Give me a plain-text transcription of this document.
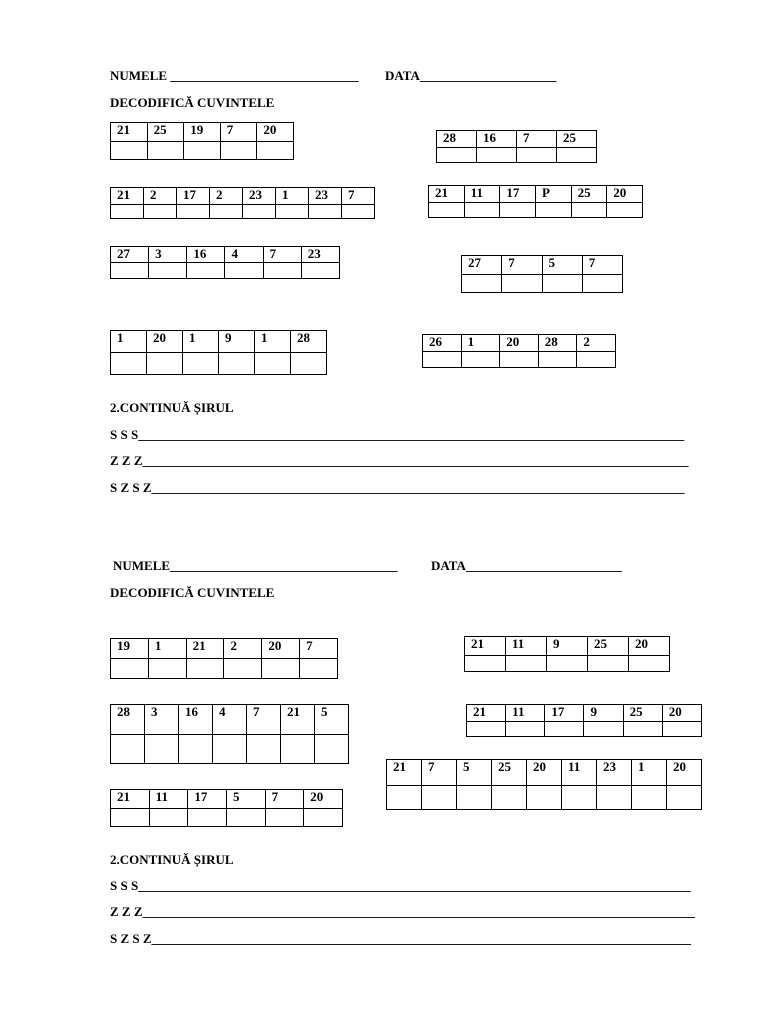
NUMELE _____________________________ DATA_____________________
DECODIFICĂ CUVINTELE
21	25	19	7	20

28	16	7	25

21	2	17	2	23	1	23	7
								21	11	17	P	25	20

27	3	16	4	7	23

27	7	5	7

1	20	1	9	1	28
						26	1	20	28	2

2.CONTINUĂ ȘIRUL
S S S____________________________________________________________________________________
Z Z Z____________________________________________________________________________________
S Z S Z__________________________________________________________________________________
NUMELE___________________________________	DATA________________________
DECODIFICĂ CUVINTELE
19	1	21	2	20	7
						21	11	9	25	20

28	3	16	4	7	21	5
							21	11	17	9	25	20

21	7	5	25	20	11	23	1	20

21	11	17	5	7	20

2.CONTINUĂ ȘIRUL
S S S_____________________________________________________________________________________
Z Z Z_____________________________________________________________________________________
S Z S Z___________________________________________________________________________________
